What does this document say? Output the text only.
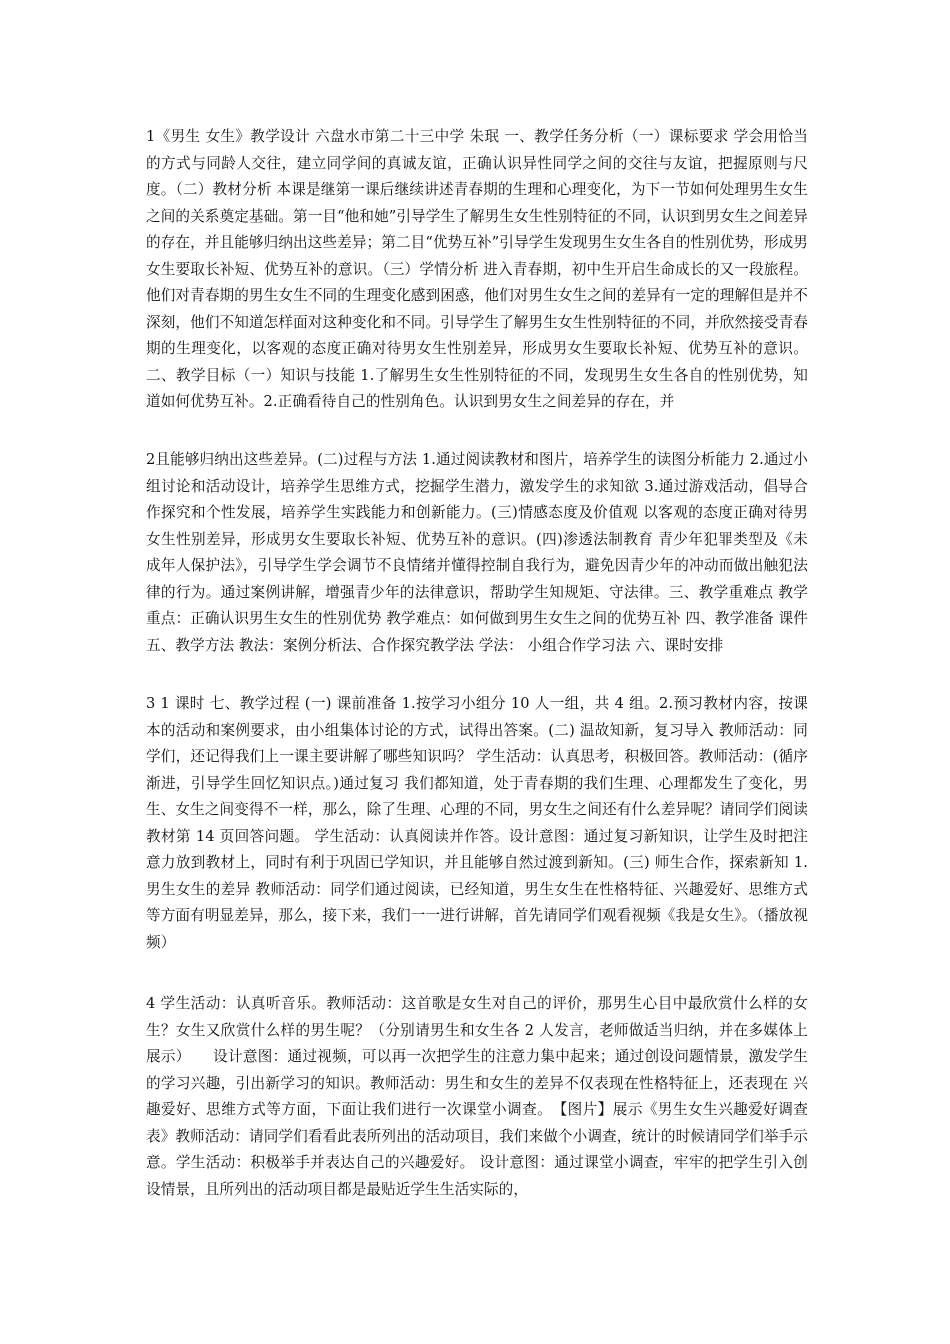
1《男生 女生》教学设计 六盘水市第二十三中学 朱珉 一、教学任务分析（一）课标要求 学会用恰当的方式与同龄人交往，建立同学间的真诚友谊，正确认识异性同学之间的交往与友谊，把握原则与尺度。（二）教材分析 本课是继第一课后继续讲述青春期的生理和心理变化，为下一节如何处理男生女生之间的关系奠定基础。第一目“他和她”引导学生了解男生女生性别特征的不同，认识到男女生之间差异的存在，并且能够归纳出这些差异；第二目“优势互补”引导学生发现男生女生各自的性别优势，形成男女生要取长补短、优势互补的意识。（三）学情分析 进入青春期，初中生开启生命成长的又一段旅程。他们对青春期的男生女生不同的生理变化感到困惑，他们对男生女生之间的差异有一定的理解但是并不深刻，他们不知道怎样面对这种变化和不同。引导学生了解男生女生性别特征的不同，并欣然接受青春期的生理变化，以客观的态度正确对待男女生性别差异，形成男女生要取长补短、优势互补的意识。二、教学目标（一）知识与技能 1.了解男生女生性别特征的不同，发现男生女生各自的性别优势，知道如何优势互补。2.正确看待自己的性别角色。认识到男女生之间差异的存在，并

2且能够归纳出这些差异。(二)过程与方法 1.通过阅读教材和图片，培养学生的读图分析能力 2.通过小组讨论和活动设计，培养学生思维方式，挖掘学生潜力，激发学生的求知欲 3.通过游戏活动，倡导合作探究和个性发展，培养学生实践能力和创新能力。(三)情感态度及价值观 以客观的态度正确对待男女生性别差异，形成男女生要取长补短、优势互补的意识。(四)渗透法制教育 青少年犯罪类型及《未成年人保护法》，引导学生学会调节不良情绪并懂得控制自我行为，避免因青少年的冲动而做出触犯法律的行为。通过案例讲解，增强青少年的法律意识，帮助学生知规矩、守法律。三、教学重难点 教学重点：正确认识男生女生的性别优势 教学难点：如何做到男生女生之间的优势互补 四、教学准备 课件 五、教学方法 教法：案例分析法、合作探究教学法 学法： 小组合作学习法 六、课时安排

3 1 课时 七、教学过程 (一) 课前准备 1.按学习小组分 10 人一组，共 4 组。2.预习教材内容，按课本的活动和案例要求，由小组集体讨论的方式，试得出答案。(二) 温故知新，复习导入 教师活动：同学们，还记得我们上一课主要讲解了哪些知识吗？ 学生活动：认真思考，积极回答。教师活动：(循序渐进，引导学生回忆知识点。)通过复习 我们都知道，处于青春期的我们生理、心理都发生了变化，男生、女生之间变得不一样，那么，除了生理、心理的不同，男女生之间还有什么差异呢？请同学们阅读教材第 14 页回答问题。 学生活动：认真阅读并作答。设计意图：通过复习新知识，让学生及时把注意力放到教材上，同时有利于巩固已学知识，并且能够自然过渡到新知。(三) 师生合作，探索新知 1.男生女生的差异 教师活动：同学们通过阅读，已经知道，男生女生在性格特征、兴趣爱好、思维方式等方面有明显差异，那么，接下来，我们一一进行讲解，首先请同学们观看视频《我是女生》。（播放视频）

4 学生活动：认真听音乐。教师活动：这首歌是女生对自己的评价，那男生心目中最欣赏什么样的女生？女生又欣赏什么样的男生呢？（分别请男生和女生各 2 人发言，老师做适当归纳，并在多媒体上展示）　　设计意图：通过视频，可以再一次把学生的注意力集中起来；通过创设问题情景，激发学生的学习兴趣，引出新学习的知识。教师活动：男生和女生的差异不仅表现在性格特征上，还表现在 兴趣爱好、思维方式等方面，下面让我们进行一次课堂小调查。　【图片】展示《男生女生兴趣爱好调查表》教师活动：请同学们看看此表所列出的活动项目，我们来做个小调查，统计的时候请同学们举手示意。学生活动：积极举手并表达自己的兴趣爱好。 设计意图：通过课堂小调查，牢牢的把学生引入创设情景，且所列出的活动项目都是最贴近学生生活实际的，
